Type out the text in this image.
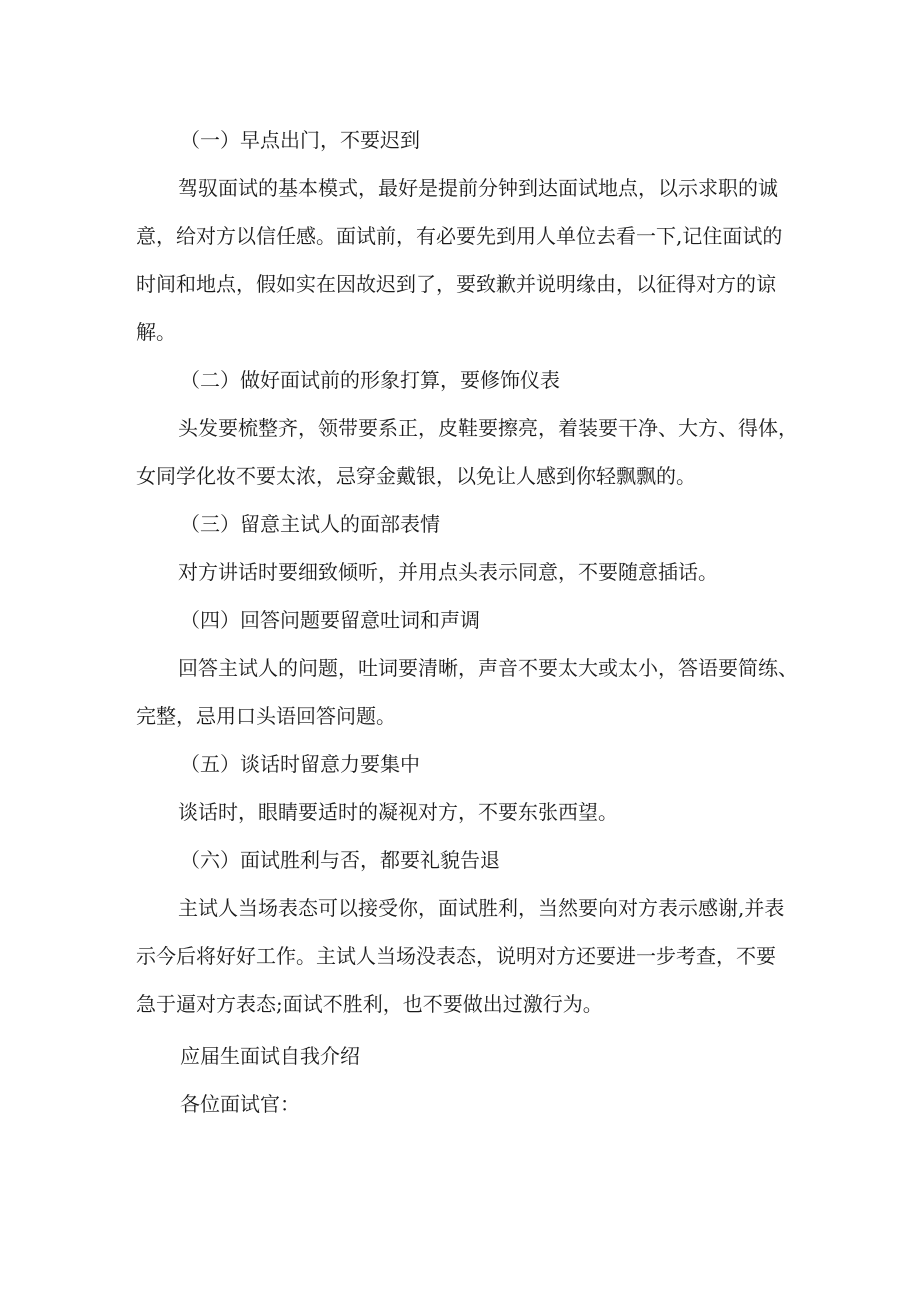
（一）早点出门，不要迟到

驾驭面试的基本模式，最好是提前分钟到达面试地点，以示求职的诚
意，给对方以信任感。面试前，有必要先到用人单位去看一下,记住面试的
时间和地点，假如实在因故迟到了，要致歉并说明缘由，以征得对方的谅
解。

（二）做好面试前的形象打算，要修饰仪表

头发要梳整齐，领带要系正，皮鞋要擦亮，着装要干净、大方、得体，
女同学化妆不要太浓，忌穿金戴银，以免让人感到你轻飘飘的。

（三）留意主试人的面部表情

对方讲话时要细致倾听，并用点头表示同意，不要随意插话。

（四）回答问题要留意吐词和声调

回答主试人的问题，吐词要清晰，声音不要太大或太小，答语要简练、
完整，忌用口头语回答问题。

（五）谈话时留意力要集中

谈话时，眼睛要适时的凝视对方，不要东张西望。

（六）面试胜利与否，都要礼貌告退

主试人当场表态可以接受你，面试胜利，当然要向对方表示感谢,并表
示今后将好好工作。主试人当场没表态，说明对方还要进一步考查，不要
急于逼对方表态;面试不胜利，也不要做出过激行为。

应届生面试自我介绍

各位面试官：
